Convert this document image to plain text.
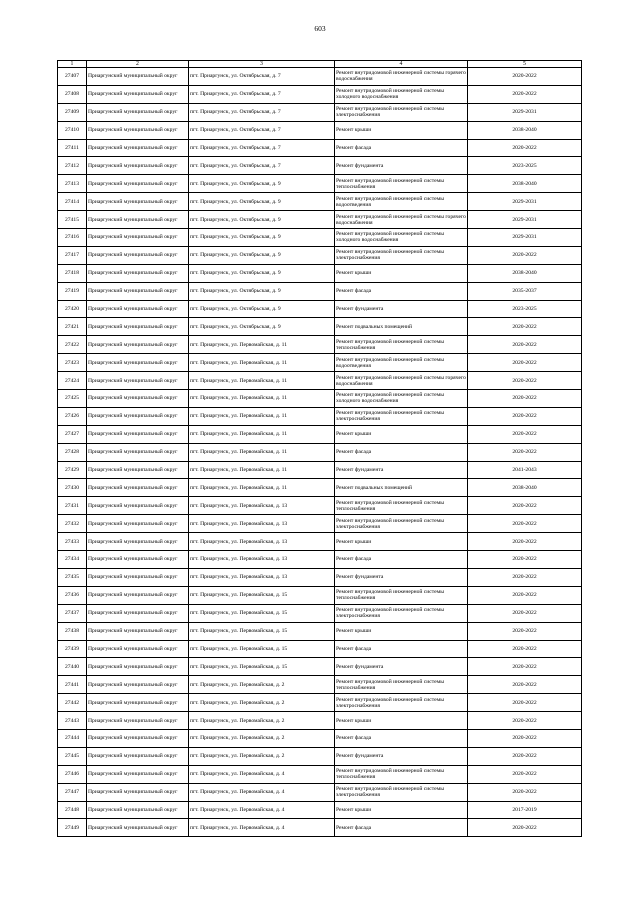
603
1	2	3	4	5
27407	Приаргунский муниципальный округ	пгт. Приаргунск, ул. Октябрьская, д. 7	Ремонт внутридомовой инженерной системы горячего водоснабжения	2020-2022
27408	Приаргунский муниципальный округ	пгт. Приаргунск, ул. Октябрьская, д. 7	Ремонт внутридомовой инженерной системы холодного водоснабжения	2020-2022
27409	Приаргунский муниципальный округ	пгт. Приаргунск, ул. Октябрьская, д. 7	Ремонт внутридомовой инженерной системы электроснабжения	2029-2031
27410	Приаргунский муниципальный округ	пгт. Приаргунск, ул. Октябрьская, д. 7	Ремонт крыши	2038-2040
27411	Приаргунский муниципальный округ	пгт. Приаргунск, ул. Октябрьская, д. 7	Ремонт фасада	2020-2022
27412	Приаргунский муниципальный округ	пгт. Приаргунск, ул. Октябрьская, д. 7	Ремонт фундамента	2023-2025
27413	Приаргунский муниципальный округ	пгт. Приаргунск, ул. Октябрьская, д. 9	Ремонт внутридомовой инженерной системы теплоснабжения	2038-2040
27414	Приаргунский муниципальный округ	пгт. Приаргунск, ул. Октябрьская, д. 9	Ремонт внутридомовой инженерной системы водоотведения	2029-2031
27415	Приаргунский муниципальный округ	пгт. Приаргунск, ул. Октябрьская, д. 9	Ремонт внутридомовой инженерной системы горячего водоснабжения	2029-2031
27416	Приаргунский муниципальный округ	пгт. Приаргунск, ул. Октябрьская, д. 9	Ремонт внутридомовой инженерной системы холодного водоснабжения	2029-2031
27417	Приаргунский муниципальный округ	пгт. Приаргунск, ул. Октябрьская, д. 9	Ремонт внутридомовой инженерной системы электроснабжения	2020-2022
27418	Приаргунский муниципальный округ	пгт. Приаргунск, ул. Октябрьская, д. 9	Ремонт крыши	2038-2040
27419	Приаргунский муниципальный округ	пгт. Приаргунск, ул. Октябрьская, д. 9	Ремонт фасада	2035-2037
27420	Приаргунский муниципальный округ	пгт. Приаргунск, ул. Октябрьская, д. 9	Ремонт фундамента	2023-2025
27421	Приаргунский муниципальный округ	пгт. Приаргунск, ул. Октябрьская, д. 9	Ремонт подвальных помещений	2020-2022
27422	Приаргунский муниципальный округ	пгт. Приаргунск, ул. Первомайская, д. 11	Ремонт внутридомовой инженерной системы теплоснабжения	2020-2022
27423	Приаргунский муниципальный округ	пгт. Приаргунск, ул. Первомайская, д. 11	Ремонт внутридомовой инженерной системы водоотведения	2020-2022
27424	Приаргунский муниципальный округ	пгт. Приаргунск, ул. Первомайская, д. 11	Ремонт внутридомовой инженерной системы горячего водоснабжения	2020-2022
27425	Приаргунский муниципальный округ	пгт. Приаргунск, ул. Первомайская, д. 11	Ремонт внутридомовой инженерной системы холодного водоснабжения	2020-2022
27426	Приаргунский муниципальный округ	пгт. Приаргунск, ул. Первомайская, д. 11	Ремонт внутридомовой инженерной системы электроснабжения	2020-2022
27427	Приаргунский муниципальный округ	пгт. Приаргунск, ул. Первомайская, д. 11	Ремонт крыши	2020-2022
27428	Приаргунский муниципальный округ	пгт. Приаргунск, ул. Первомайская, д. 11	Ремонт фасада	2020-2022
27429	Приаргунский муниципальный округ	пгт. Приаргунск, ул. Первомайская, д. 11	Ремонт фундамента	2041-2043
27430	Приаргунский муниципальный округ	пгт. Приаргунск, ул. Первомайская, д. 11	Ремонт подвальных помещений	2038-2040
27431	Приаргунский муниципальный округ	пгт. Приаргунск, ул. Первомайская, д. 13	Ремонт внутридомовой инженерной системы теплоснабжения	2020-2022
27432	Приаргунский муниципальный округ	пгт. Приаргунск, ул. Первомайская, д. 13	Ремонт внутридомовой инженерной системы электроснабжения	2020-2022
27433	Приаргунский муниципальный округ	пгт. Приаргунск, ул. Первомайская, д. 13	Ремонт крыши	2020-2022
27434	Приаргунский муниципальный округ	пгт. Приаргунск, ул. Первомайская, д. 13	Ремонт фасада	2020-2022
27435	Приаргунский муниципальный округ	пгт. Приаргунск, ул. Первомайская, д. 13	Ремонт фундамента	2020-2022
27436	Приаргунский муниципальный округ	пгт. Приаргунск, ул. Первомайская, д. 15	Ремонт внутридомовой инженерной системы теплоснабжения	2020-2022
27437	Приаргунский муниципальный округ	пгт. Приаргунск, ул. Первомайская, д. 15	Ремонт внутридомовой инженерной системы электроснабжения	2020-2022
27438	Приаргунский муниципальный округ	пгт. Приаргунск, ул. Первомайская, д. 15	Ремонт крыши	2020-2022
27439	Приаргунский муниципальный округ	пгт. Приаргунск, ул. Первомайская, д. 15	Ремонт фасада	2020-2022
27440	Приаргунский муниципальный округ	пгт. Приаргунск, ул. Первомайская, д. 15	Ремонт фундамента	2020-2022
27441	Приаргунский муниципальный округ	пгт. Приаргунск, ул. Первомайская, д. 2	Ремонт внутридомовой инженерной системы теплоснабжения	2020-2022
27442	Приаргунский муниципальный округ	пгт. Приаргунск, ул. Первомайская, д. 2	Ремонт внутридомовой инженерной системы электроснабжения	2020-2022
27443	Приаргунский муниципальный округ	пгт. Приаргунск, ул. Первомайская, д. 2	Ремонт крыши	2020-2022
27444	Приаргунский муниципальный округ	пгт. Приаргунск, ул. Первомайская, д. 2	Ремонт фасада	2020-2022
27445	Приаргунский муниципальный округ	пгт. Приаргунск, ул. Первомайская, д. 2	Ремонт фундамента	2020-2022
27446	Приаргунский муниципальный округ	пгт. Приаргунск, ул. Первомайская, д. 4	Ремонт внутридомовой инженерной системы теплоснабжения	2020-2022
27447	Приаргунский муниципальный округ	пгт. Приаргунск, ул. Первомайская, д. 4	Ремонт внутридомовой инженерной системы электроснабжения	2020-2022
27448	Приаргунский муниципальный округ	пгт. Приаргунск, ул. Первомайская, д. 4	Ремонт крыши	2017-2019
27449	Приаргунский муниципальный округ	пгт. Приаргунск, ул. Первомайская, д. 4	Ремонт фасада	2020-2022
